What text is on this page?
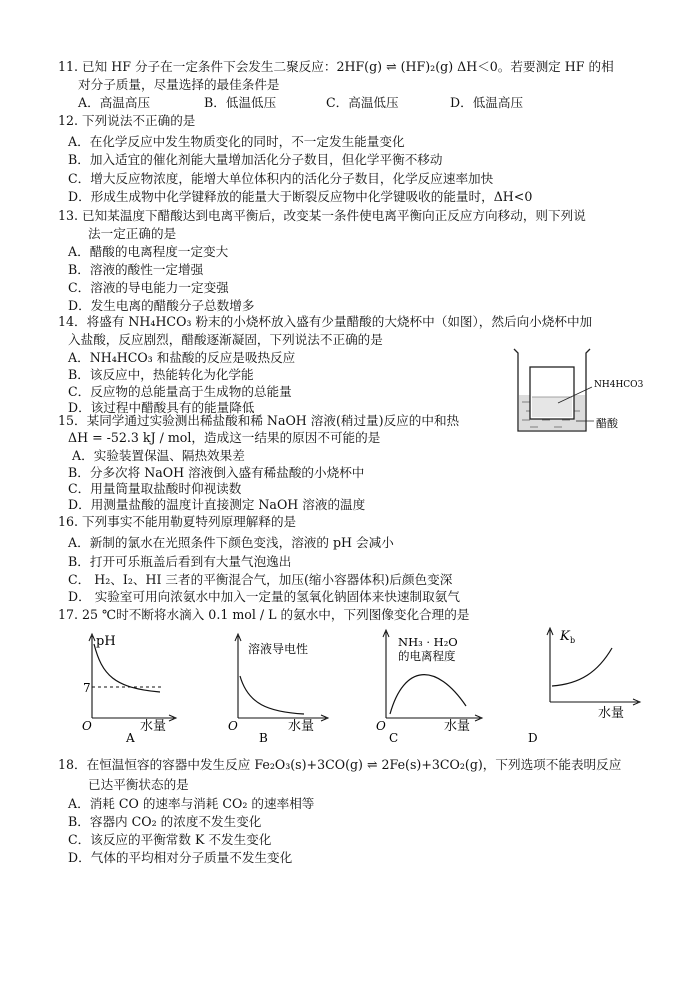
11. 已知 HF 分子在一定条件下会发生二聚反应：2HF(g) ⇌ (HF)₂(g) ΔH＜0。若要测定 HF 的相
对分子质量，尽量选择的最佳条件是
A．高温高压	B．低温低压	C．高温低压	D．低温高压
12. 下列说法不正确的是
A．在化学反应中发生物质变化的同时，不一定发生能量变化
B．加入适宜的催化剂能大量增加活化分子数目，但化学平衡不移动
C．增大反应物浓度，能增大单位体积内的活化分子数目，化学反应速率加快
D．形成生成物中化学键释放的能量大于断裂反应物中化学键吸收的能量时，ΔH<0
13. 已知某温度下醋酸达到电离平衡后，改变某一条件使电离平衡向正反应方向移动，则下列说
法一定正确的是
A．醋酸的电离程度一定变大
B．溶液的酸性一定增强
C．溶液的导电能力一定变强
D．发生电离的醋酸分子总数增多
14．将盛有 NH₄HCO₃ 粉末的小烧杯放入盛有少量醋酸的大烧杯中（如图），然后向小烧杯中加
入盐酸，反应剧烈，醋酸逐渐凝固，下列说法不正确的是
A．NH₄HCO₃ 和盐酸的反应是吸热反应
B．该反应中，热能转化为化学能
C．反应物的总能量高于生成物的总能量
D．该过程中醋酸具有的能量降低
NH4HCO3
醋酸
15．某同学通过实验测出稀盐酸和稀 NaOH 溶液(稍过量)反应的中和热
ΔH = -52.3 kJ / mol，造成这一结果的原因不可能的是
A．实验装置保温、隔热效果差
B．分多次将 NaOH 溶液倒入盛有稀盐酸的小烧杯中
C．用量筒量取盐酸时仰视读数
D．用测量盐酸的温度计直接测定 NaOH 溶液的温度
16. 下列事实不能用勒夏特列原理解释的是
A．新制的氯水在光照条件下颜色变浅，溶液的 pH 会减小
B．打开可乐瓶盖后看到有大量气泡逸出
C． H₂、I₂、HI 三者的平衡混合气，加压(缩小容器体积)后颜色变深
D． 实验室可用向浓氨水中加入一定量的氢氧化钠固体来快速制取氨气
17. 25 ℃时不断将水滴入 0.1 mol / L 的氨水中，下列图像变化合理的是
pH
7
O	水量
A
溶液导电性
O	水量
B
NH₃ · H₂O
的电离程度
O	水量
C
K b
水量
D
18．在恒温恒容的容器中发生反应 Fe₂O₃(s)+3CO(g) ⇌ 2Fe(s)+3CO₂(g)，下列选项不能表明反应
已达平衡状态的是
A．消耗 CO 的速率与消耗 CO₂ 的速率相等
B．容器内 CO₂ 的浓度不发生变化
C．该反应的平衡常数 K 不发生变化
D．气体的平均相对分子质量不发生变化
